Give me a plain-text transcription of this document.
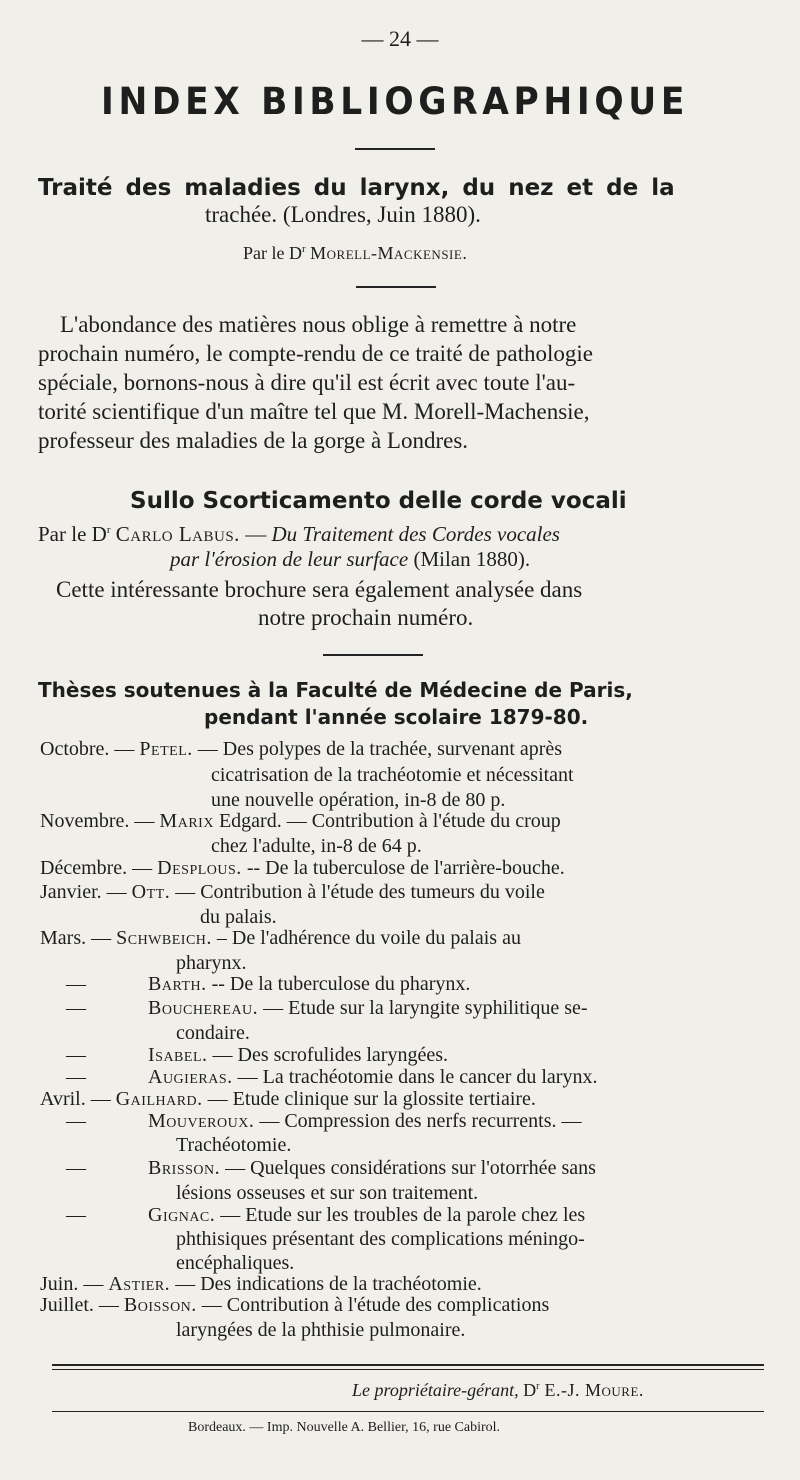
— 24 —

INDEX BIBLIOGRAPHIQUE

Traité des maladies du larynx, du nez et de la

trachée. (Londres, Juin 1880).

Par le $D^r$ Morell-Mackensie.

L'abondance des matières nous oblige à remettre à notre

prochain numéro, le compte-rendu de ce traité de pathologie

spéciale, bornons-nous à dire qu'il est écrit avec toute l'au-

torité scientifique d'un maître tel que M. Morell-Machensie,

professeur des maladies de la gorge à Londres.

Sullo Scorticamento delle corde vocali

Par le $D^r$ Carlo Labus. — Du Traitement des Cordes vocales

par l'érosion de leur surface (Milan 1880).

Cette intéressante brochure sera également analysée dans

notre prochain numéro.

Thèses soutenues à la Faculté de Médecine de Paris,

pendant l'année scolaire 1879-80.

Octobre. — Petel. — Des polypes de la trachée, survenant après

cicatrisation de la trachéotomie et nécessitant

une nouvelle opération, in-8 de 80 p.

Novembre. — Marix Edgard. — Contribution à l'étude du croup

chez l'adulte, in-8 de 64 p.

Décembre. — Desplous. -- De la tuberculose de l'arrière-bouche.

Janvier. — Ott. — Contribution à l'étude des tumeurs du voile

du palais.

Mars. — Schwbeich. – De l'adhérence du voile du palais au

pharynx.

—	Barth. -- De la tuberculose du pharynx.

—	Bouchereau. — Etude sur la laryngite syphilitique se-

condaire.

—	Isabel. — Des scrofulides laryngées.

—	Augieras. — La trachéotomie dans le cancer du larynx.

Avril. — Gailhard. — Etude clinique sur la glossite tertiaire.

—	Mouveroux. — Compression des nerfs recurrents. —

Trachéotomie.

—	Brisson. — Quelques considérations sur l'otorrhée sans

lésions osseuses et sur son traitement.

—	Gignac. — Etude sur les troubles de la parole chez les

phthisiques présentant des complications méningo-

encéphaliques.

Juin. — Astier. — Des indications de la trachéotomie.

Juillet. — Boisson. — Contribution à l'étude des complications

laryngées de la phthisie pulmonaire.

Le propriétaire-gérant, $D^r$ E.-J. Moure.

Bordeaux. — Imp. Nouvelle A. Bellier, 16, rue Cabirol.
